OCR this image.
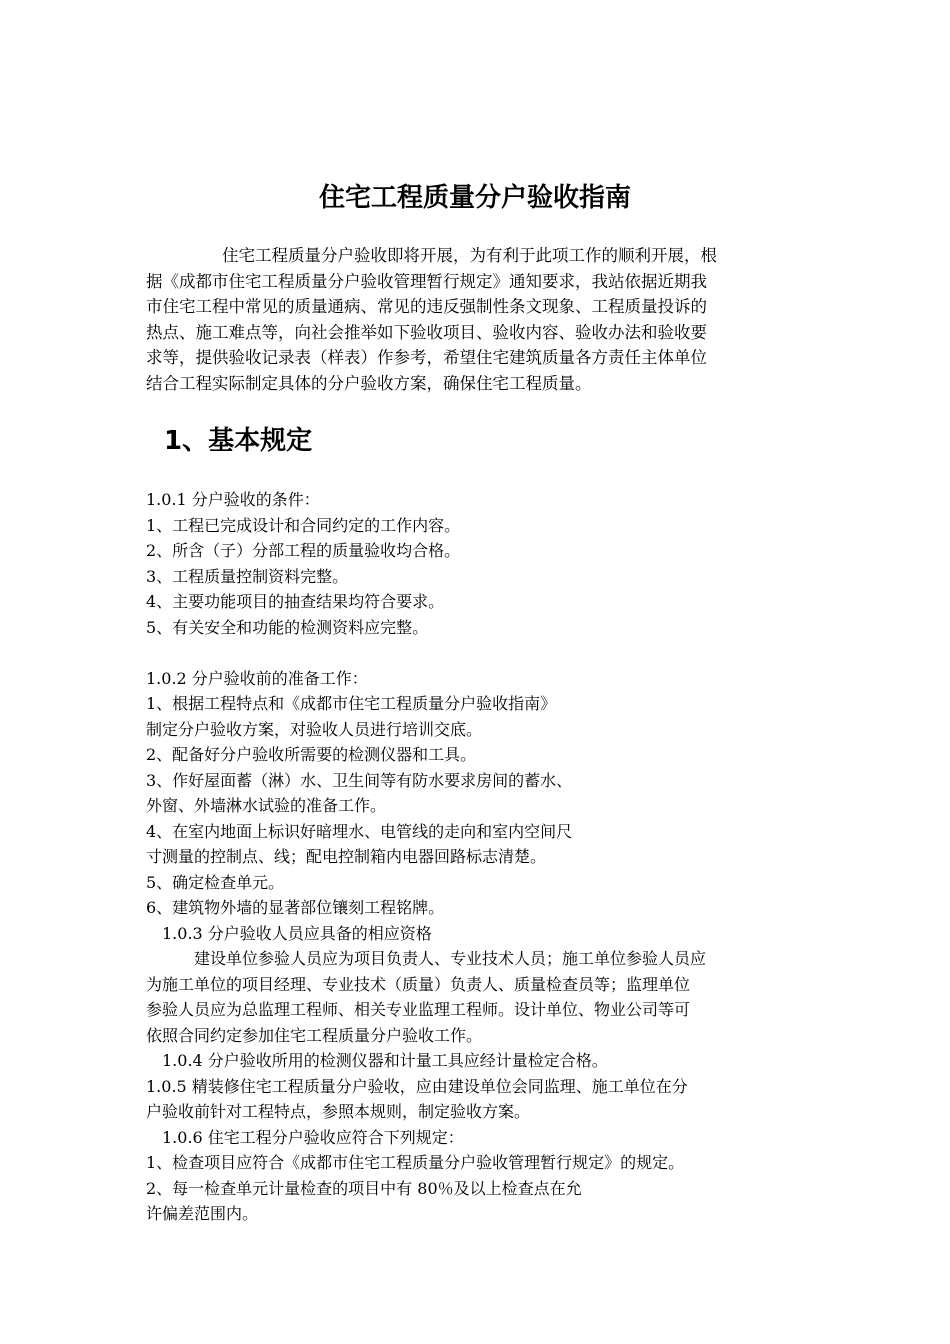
住宅工程质量分户验收指南
住宅工程质量分户验收即将开展，为有利于此项工作的顺利开展，根
据《成都市住宅工程质量分户验收管理暂行规定》通知要求，我站依据近期我
市住宅工程中常见的质量通病、常见的违反强制性条文现象、工程质量投诉的
热点、施工难点等，向社会推举如下验收项目、验收内容、验收办法和验收要
求等，提供验收记录表（样表）作参考，希望住宅建筑质量各方责任主体单位
结合工程实际制定具体的分户验收方案，确保住宅工程质量。
1、基本规定
1.0.1 分户验收的条件：
1、工程已完成设计和合同约定的工作内容。
2、所含（子）分部工程的质量验收均合格。
3、工程质量控制资料完整。
4、主要功能项目的抽查结果均符合要求。
5、有关安全和功能的检测资料应完整。
1.0.2 分户验收前的准备工作：
1、根据工程特点和《成都市住宅工程质量分户验收指南》
制定分户验收方案，对验收人员进行培训交底。
2、配备好分户验收所需要的检测仪器和工具。
3、作好屋面蓄（淋）水、卫生间等有防水要求房间的蓄水、
外窗、外墙淋水试验的准备工作。
4、在室内地面上标识好暗埋水、电管线的走向和室内空间尺
寸测量的控制点、线；配电控制箱内电器回路标志清楚。
5、确定检查单元。
6、建筑物外墙的显著部位镶刻工程铭牌。
1.0.3 分户验收人员应具备的相应资格
建设单位参验人员应为项目负责人、专业技术人员；施工单位参验人员应
为施工单位的项目经理、专业技术（质量）负责人、质量检查员等；监理单位
参验人员应为总监理工程师、相关专业监理工程师。设计单位、物业公司等可
依照合同约定参加住宅工程质量分户验收工作。
1.0.4 分户验收所用的检测仪器和计量工具应经计量检定合格。
1.0.5 精装修住宅工程质量分户验收，应由建设单位会同监理、施工单位在分
户验收前针对工程特点，参照本规则，制定验收方案。
1.0.6 住宅工程分户验收应符合下列规定：
1、检查项目应符合《成都市住宅工程质量分户验收管理暂行规定》的规定。
2、每一检查单元计量检查的项目中有 80％及以上检查点在允
许偏差范围内。
